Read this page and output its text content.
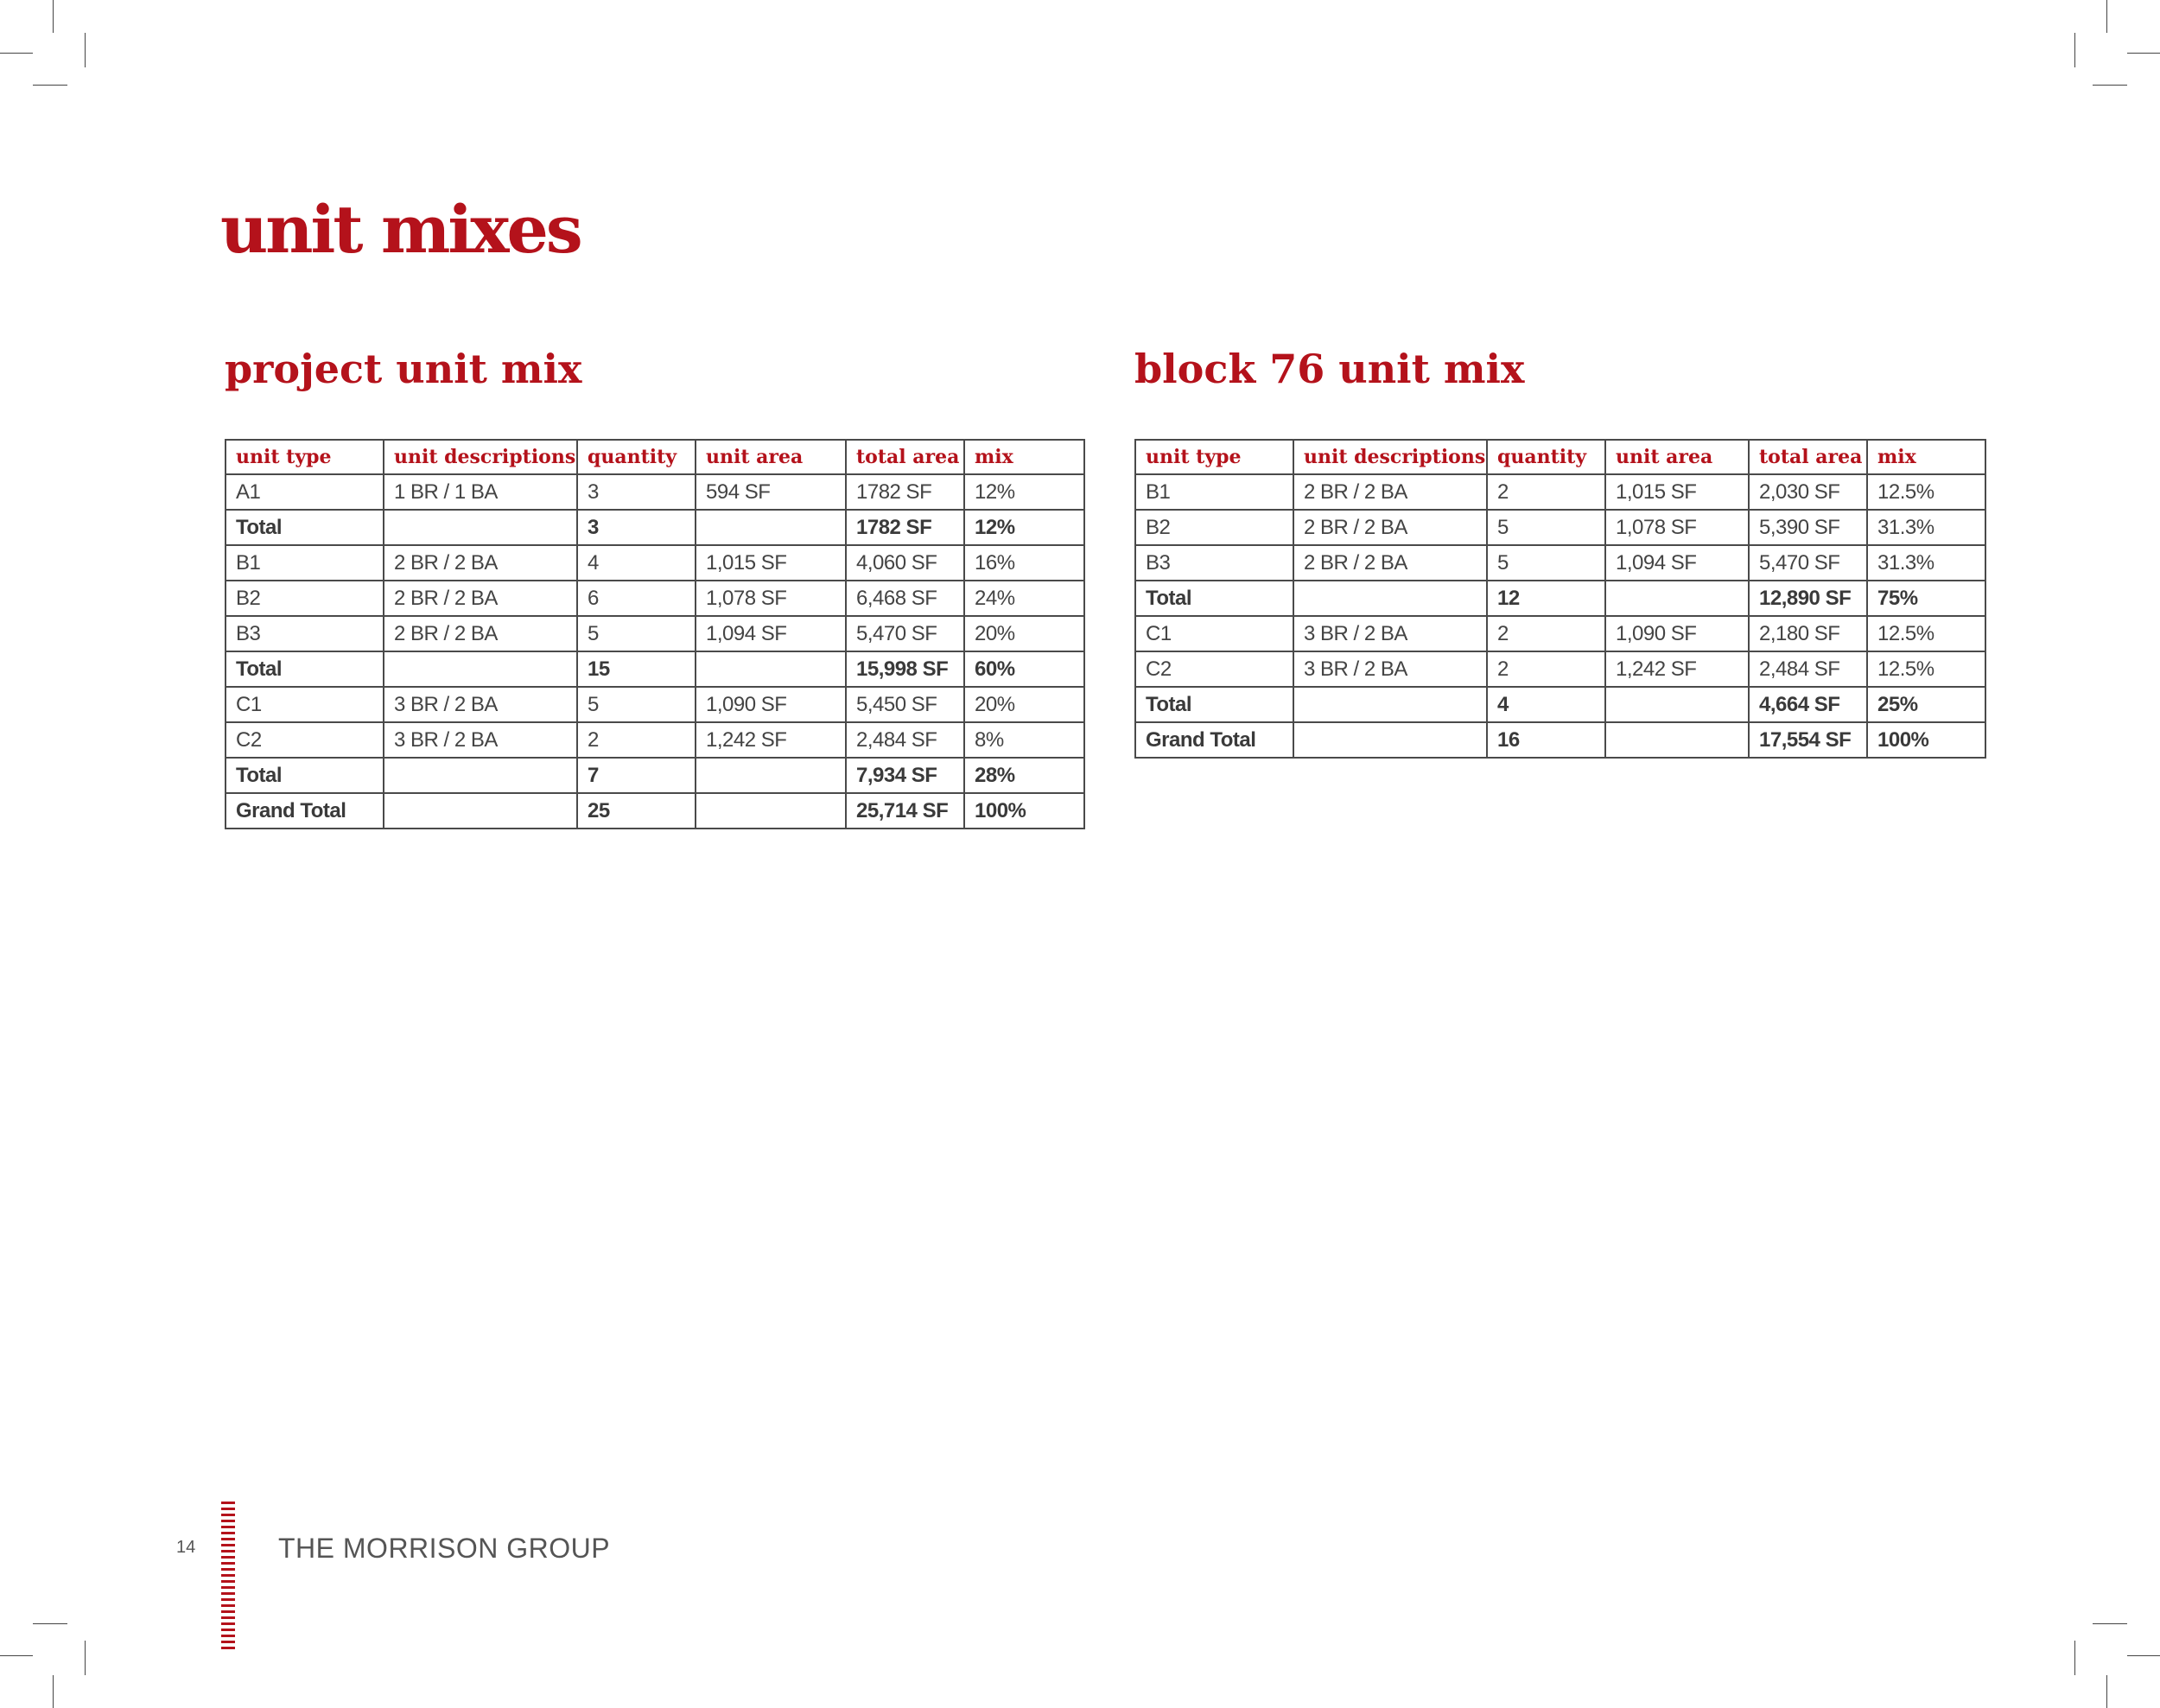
unit mixes
project unit mix	block 76 unit mix
unit type	unit descriptions	quantity	unit area	total area	mix
A1	1 BR / 1 BA	3	594 SF	1782 SF	12%
Total		3		1782 SF	12%
B1	2 BR / 2 BA	4	1,015 SF	4,060 SF	16%
B2	2 BR / 2 BA	6	1,078 SF	6,468 SF	24%
B3	2 BR / 2 BA	5	1,094 SF	5,470 SF	20%
Total		15		15,998 SF	60%
C1	3 BR / 2 BA	5	1,090 SF	5,450 SF	20%
C2	3 BR / 2 BA	2	1,242 SF	2,484 SF	8%
Total		7		7,934 SF	28%
Grand Total		25		25,714 SF	100%
unit type	unit descriptions	quantity	unit area	total area	mix
B1	2 BR / 2 BA	2	1,015 SF	2,030 SF	12.5%
B2	2 BR / 2 BA	5	1,078 SF	5,390 SF	31.3%
B3	2 BR / 2 BA	5	1,094 SF	5,470 SF	31.3%
Total		12		12,890 SF	75%
C1	3 BR / 2 BA	2	1,090 SF	2,180 SF	12.5%
C2	3 BR / 2 BA	2	1,242 SF	2,484 SF	12.5%
Total		4		4,664 SF	25%
Grand Total		16		17,554 SF	100%
14	THE MORRISON GROUP
